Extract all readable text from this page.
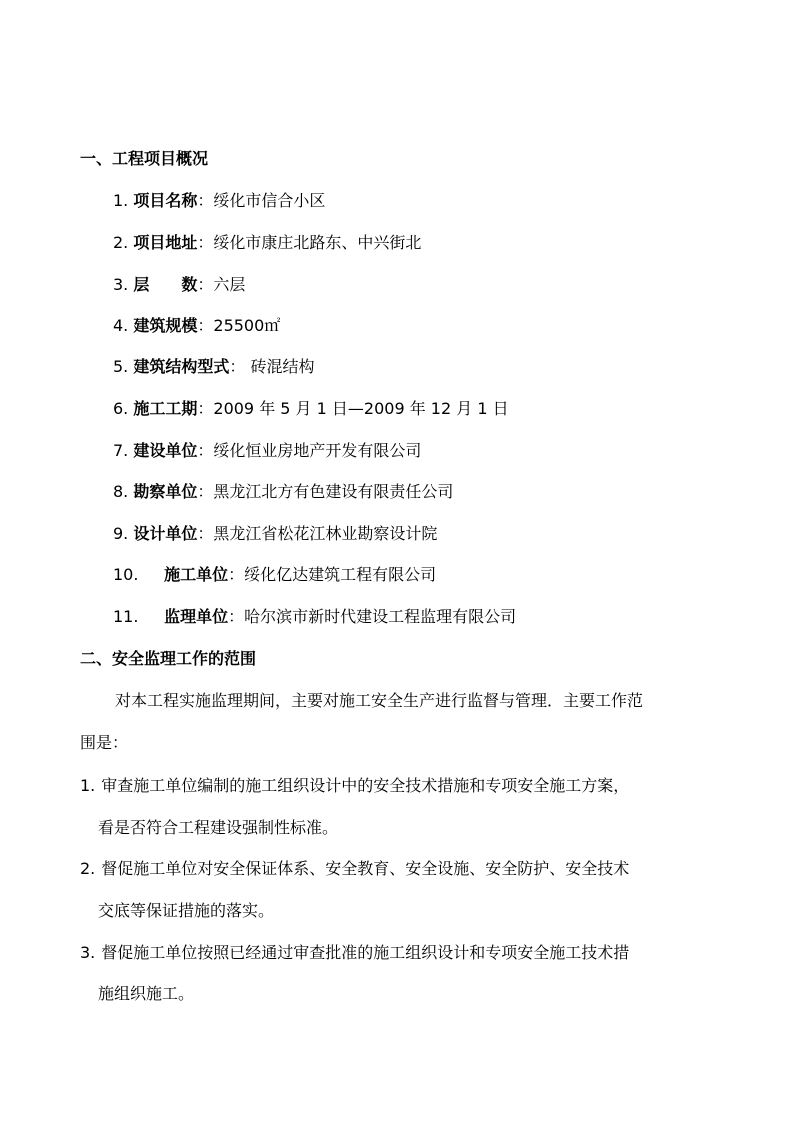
一、工程项目概况
1. 项目名称：绥化市信合小区
2. 项目地址：绥化市康庄北路东、中兴街北
3. 层　　数：六层
4. 建筑规模：25500㎡
5. 建筑结构型式： 砖混结构
6. 施工工期：2009 年 5 月 1 日—2009 年 12 月 1 日
7. 建设单位：绥化恒业房地产开发有限公司
8. 勘察单位：黑龙江北方有色建设有限责任公司
9. 设计单位：黑龙江省松花江林业勘察设计院
10. 施工单位：绥化亿达建筑工程有限公司
11. 监理单位：哈尔滨市新时代建设工程监理有限公司
二、安全监理工作的范围
对本工程实施监理期间，主要对施工安全生产进行监督与管理．主要工作范
围是：
1. 审查施工单位编制的施工组织设计中的安全技术措施和专项安全施工方案，
看是否符合工程建设强制性标准。
2. 督促施工单位对安全保证体系、安全教育、安全设施、安全防护、安全技术
交底等保证措施的落实。
3. 督促施工单位按照已经通过审查批准的施工组织设计和专项安全施工技术措
施组织施工。
